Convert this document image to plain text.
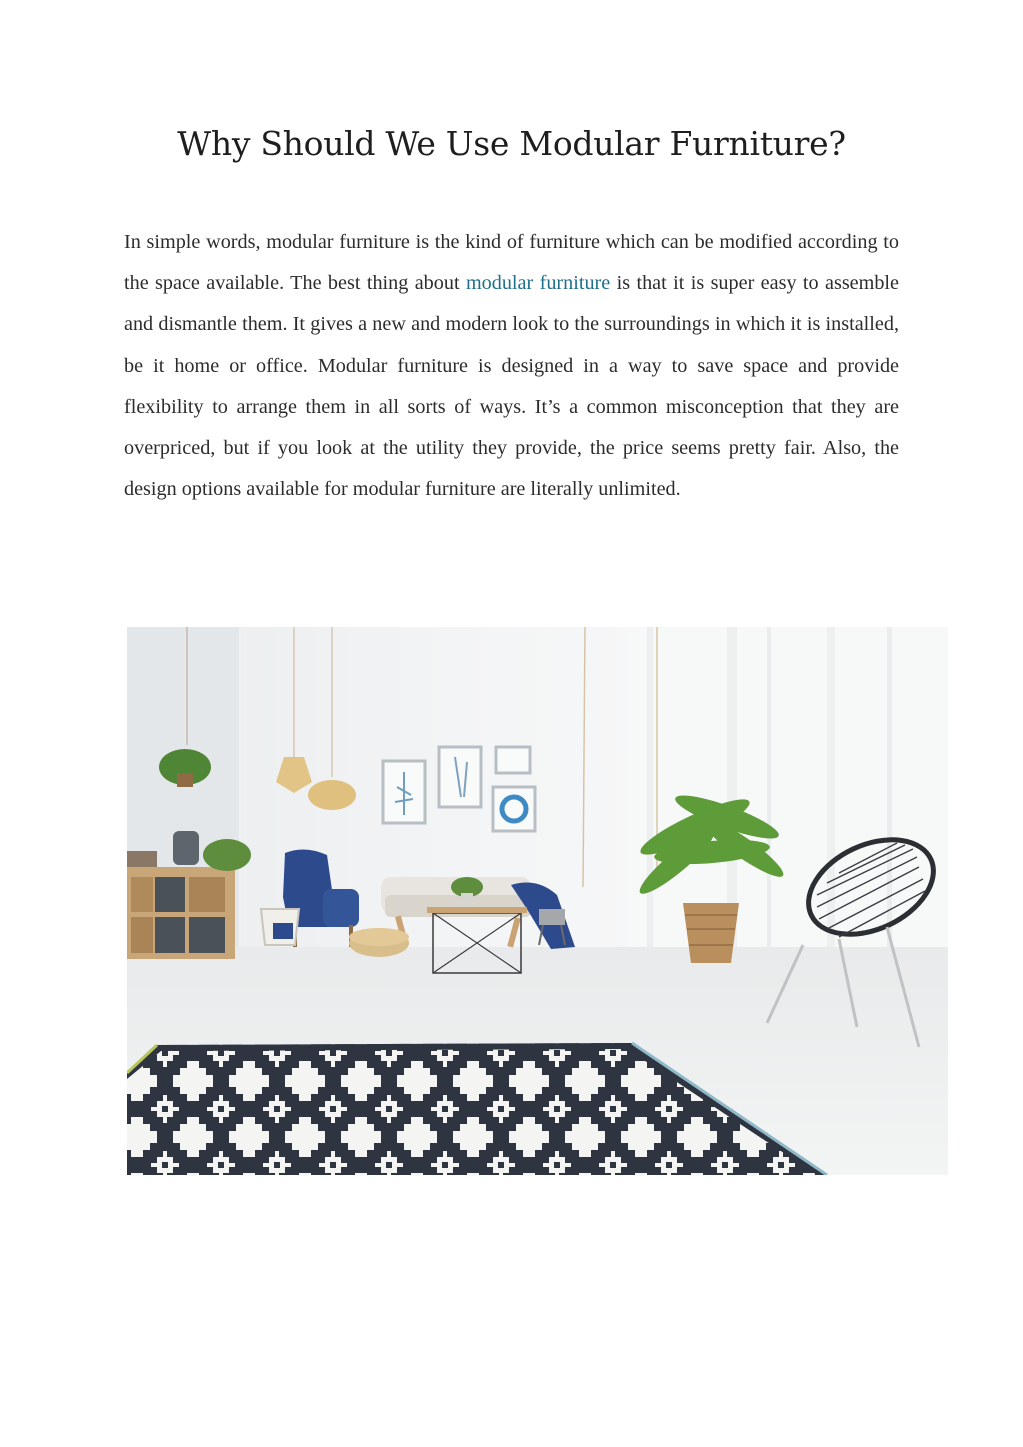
Why Should We Use Modular Furniture?

In simple words, modular furniture is the kind of furniture which can be modified according to the space available. The best thing about modular furniture is that it is super easy to assemble and dismantle them. It gives a new and modern look to the surroundings in which it is installed, be it home or office. Modular furniture is designed in a way to save space and provide flexibility to arrange them in all sorts of ways. It’s a common misconception that they are overpriced, but if you look at the utility they provide, the price seems pretty fair. Also, the design options available for modular furniture are literally unlimited.
